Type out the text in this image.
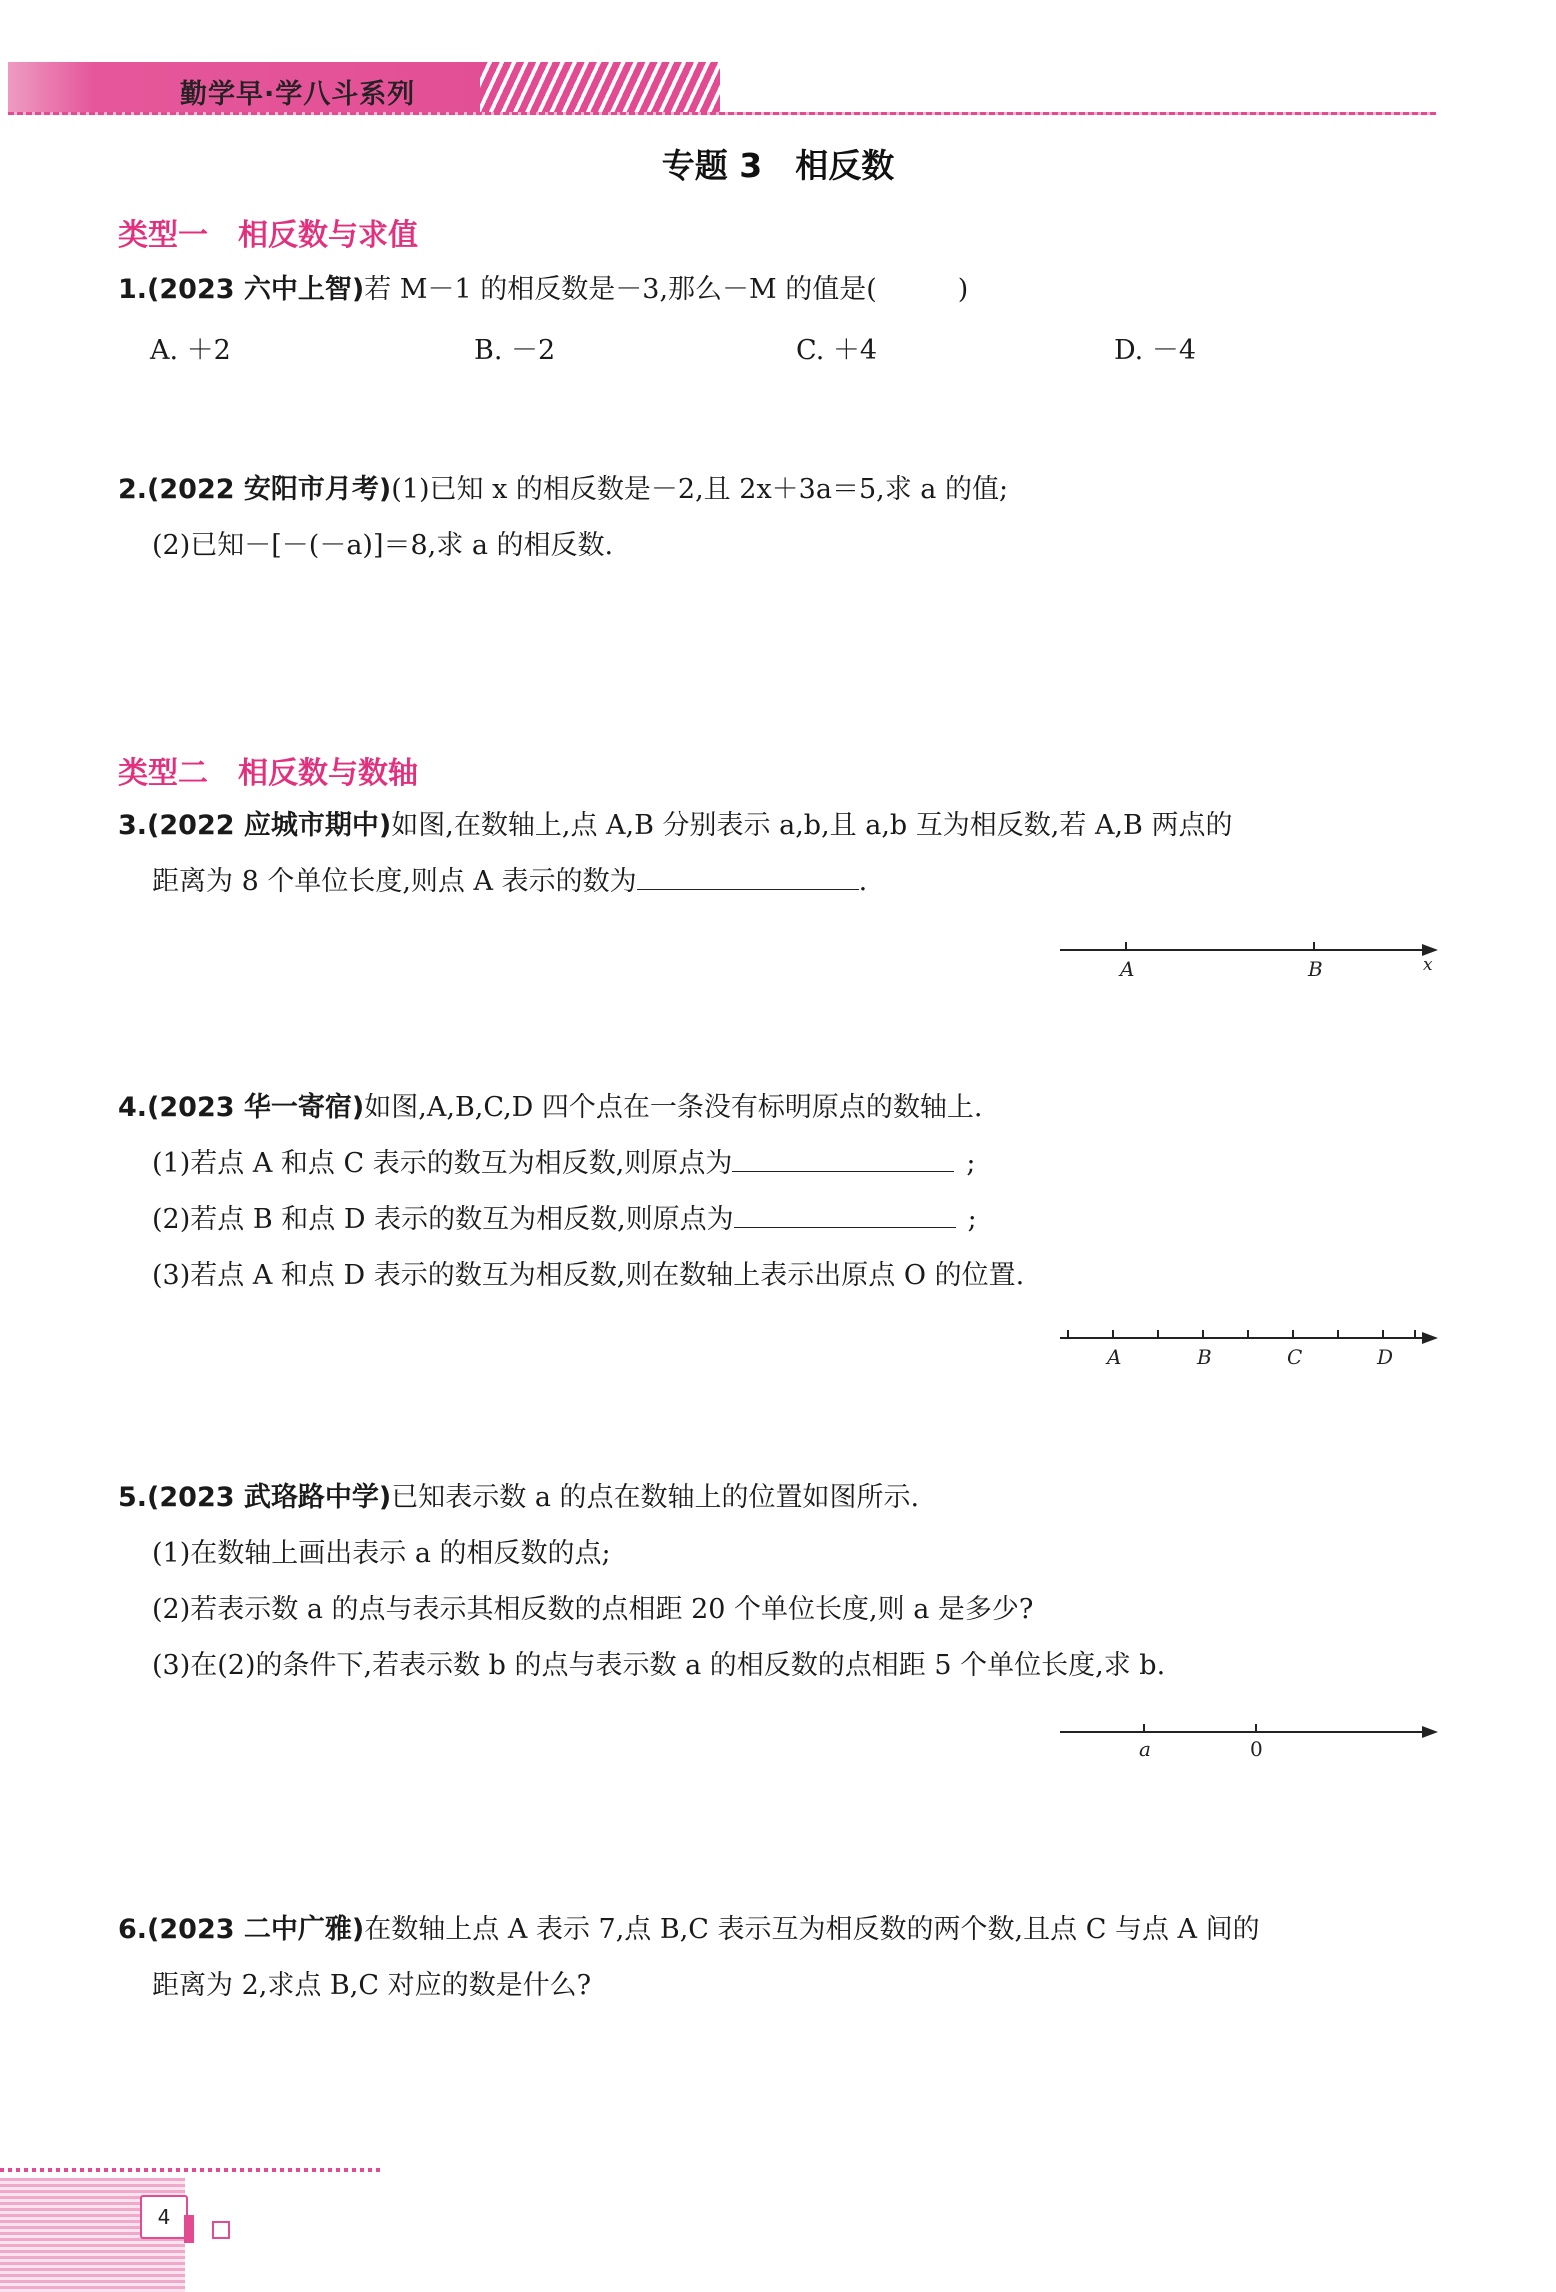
勤学早·学八斗系列
专题 3　相反数
类型一　相反数与求值
1.(2023 六中上智)若 M－1 的相反数是－3,那么－M 的值是(　　　)
A. ＋2	B. －2	C. ＋4	D. －4
2.(2022 安阳市月考)(1)已知 x 的相反数是－2,且 2x＋3a＝5,求 a 的值;
(2)已知－[－(－a)]＝8,求 a 的相反数.
类型二　相反数与数轴
3.(2022 应城市期中)如图,在数轴上,点 A,B 分别表示 a,b,且 a,b 互为相反数,若 A,B 两点的
距离为 8 个单位长度,则点 A 表示的数为	.
A	B	x
4.(2023 华一寄宿)如图,A,B,C,D 四个点在一条没有标明原点的数轴上.
(1)若点 A 和点 C 表示的数互为相反数,则原点为	;
(2)若点 B 和点 D 表示的数互为相反数,则原点为	;
(3)若点 A 和点 D 表示的数互为相反数,则在数轴上表示出原点 O 的位置.
A	B	C	D
5.(2023 武珞路中学)已知表示数 a 的点在数轴上的位置如图所示.
(1)在数轴上画出表示 a 的相反数的点;
(2)若表示数 a 的点与表示其相反数的点相距 20 个单位长度,则 a 是多少?
(3)在(2)的条件下,若表示数 b 的点与表示数 a 的相反数的点相距 5 个单位长度,求 b.
a	0
6.(2023 二中广雅)在数轴上点 A 表示 7,点 B,C 表示互为相反数的两个数,且点 C 与点 A 间的
距离为 2,求点 B,C 对应的数是什么?
4
